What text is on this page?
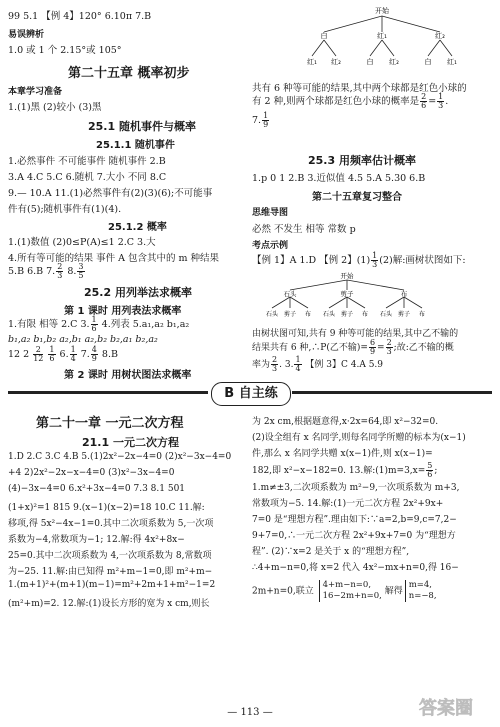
99 5.1 【例 4】120° 6.10π 7.B
易误辨析
1.0 或 1 个 2.15°或 105°
第二十五章 概率初步
本章学习准备
1.(1)黑 (2)较小 (3)黑
25.1 随机事件与概率
25.1.1 随机事件
1.必然事件 不可能事件 随机事件 2.B
3.A 4.C 5.C 6.随机 7.大小 不同 8.C
9.— 10.A 11.(1)必然事件有(2)(3)(6);不可能事
件有(5);随机事件有(1)(4).
25.1.2 概率
1.(1)数值 (2)0≤P(A)≤1 2.C 3.大
4.所有等可能的结果 事件 A 包含其中的 m 种结果
5.B 6.B 7. $\frac{2}{3} 8$. $\frac{3}{5}$
25.2 用列举法求概率
第 1 课时 用列表法求概率
1.有限 相等 2.C 3. $\frac{1}{6} 4$.列表 5.a₁,a₂ b₁,a₂
b₁,a₂ b₁,b₂ a₂,b₁ a₂,b₂ b₂,a₁ b₂,a₂
12 $2 \frac{2}{12}$
$\frac{1}{6} 6$. $\frac{1}{4} 7$. $\frac{4}{9} 8.B$
第 2 课时 用树状图法求概率
开始
白	红₁	红₂
红₁ 红₂	白 红₂	白 红₁
共有 6 种等可能的结果,其中两个球都是红色小球的
有 2 种,则两个球都是红色小球的概率是 $\frac{2}{6} = \frac{1}{3}$ .
7. $\frac{1}{9}$
25.3 用频率估计概率
1.p 0 1 2.B 3.近似值 4.5 5.A 5.30 6.B
第二十五章复习整合
思维导图
必然 不发生 相等 常数 p
考点示例
【例 1】A 1.D 【例 2】$(1) \frac{1}{3} (2)$解:画树状图如下:
开始
石头	剪子	布
石头 剪子 布 石头 剪子 布 石头 剪子 布
由树状图可知,共有 9 种等可能的结果,其中乙不输的
结果共有 6 种,∴P(乙不输)= $\frac{6}{9} = \frac{2}{3}$ ;故:乙不输的概
率为 $\frac{2}{3}$ . 3. $\frac{1}{4}$ 【例 3】C 4.A 5.9
B 自主练
第二十一章 一元二次方程
21.1 一元二次方程
1.D 2.C 3.C 4.B 5.(1)2x²−2x−4=0 (2)x²−3x−4=0
+4 2)2x²−2x−x−4=0 (3)x²−3x−4=0
(4)−3x−4=0 6.x²+3x−4=0 7.3 8.1 501
(1+x)²=1 815 9.(x−1)(x−2)=18 10.C 11.解:
移项,得 5x²−4x−1=0.其中二次项系数为 5,一次项
系数为−4,常数项为−1; 12.解:得 4x²+8x−
25=0.其中二次项系数为 4,一次项系数为 8,常数项
为−25. 11.解:由已知得 m²+m−1=0,即 m²+m−
1.(m+1)²+(m+1)(m−1)=m²+2m+1+m²−1=2
(m²+m)=2. 12.解:(1)设长方形的宽为 x cm,则长
为 2x cm,根据题意得,x·2x=64,即 x²−32=0.
(2)设全组有 x 名同学,则每名同学所赠的标本为(x−1)
件,那么 x 名同学共赠 x(x−1)件,则 x(x−1)=
182,即 x²−x−182=0. 13.解:(1)m=3,x= $\frac{5}{6}$ ;
1.m≠±3,二次项系数为 m²−9,一次项系数为 m+3,
常数项为−5. 14.解:(1)一元二次方程 2x²+9x+
7=0 是“理想方程”.理由如下:∵a=2,b=9,c=7,2−
9+7=0,∴一元二次方程 2x²+9x+7=0 为“理想方
程”. (2)∵x=2 是关于 x 的“理想方程”,
∴4+m−n=0,将 x=2 代入 4x²−mx+n=0,得 16−
2m+n=0,联立 4+m−n=0,
16−2m+n=0, 解得m=4,
n=−8,
— 113 —	答案圈
